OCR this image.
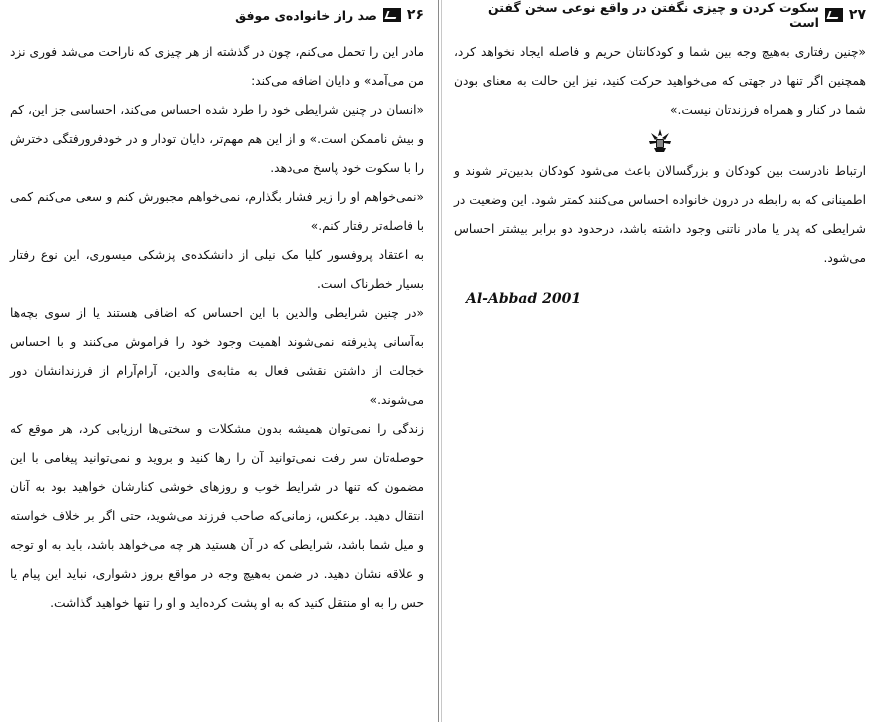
۲۷
سکوت کردن و چیزی نگفتن در واقع نوعی سخن گفتن است

«چنین رفتاری به‌هیچ وجه بین شما و کودکانتان حریم و فاصله ایجاد نخواهد کرد، همچنین اگر تنها در جهتی که می‌خواهید حرکت کنید، نیز این حالت به معنای بودن شما در کنار و همراه فرزندتان نیست.»

ارتباط نادرست بین کودکان و بزرگسالان باعث می‌شود کودکان بدبین‌تر شوند و اطمینانی که به رابطه در درون خانواده احساس می‌کنند کمتر شود. این وضعیت در شرایطی که پدر یا مادر ناتنی وجود داشته باشد، درحدود دو برابر بیشتر احساس می‌شود.

Al-Abbad 2001
۲۶
صد راز خانواده‌ی موفق

مادر این را تحمل می‌کنم، چون در گذشته از هر چیزی که ناراحت می‌شد فوری نزد من می‌آمد» و دایان اضافه می‌کند:

«انسان در چنین شرایطی خود را طرد شده احساس می‌کند، احساسی جز این، کم و بیش ناممکن است.» و از این هم مهم‌تر، دایان تودار و در خودفرورفتگی دخترش را با سکوت خود پاسخ می‌دهد.

«نمی‌خواهم او را زیر فشار بگذارم، نمی‌خواهم مجبورش کنم و سعی می‌کنم کمی با فاصله‌تر رفتار کنم.»

به اعتقاد پروفسور کلیا مک نیلی از دانشکده‌ی پزشکی میسوری، این نوع رفتار بسیار خطرناک است.

«در چنین شرایطی والدین با این احساس که اضافی هستند یا از سوی بچه‌ها به‌آسانی پذیرفته نمی‌شوند اهمیت وجود خود را فراموش می‌کنند و با احساس خجالت از داشتن نقشی فعال به مثابه‌ی والدین، آرام‌آرام از فرزندانشان دور می‌شوند.»

زندگی را نمی‌توان همیشه بدون مشکلات و سختی‌ها ارزیابی کرد، هر موقع که حوصله‌تان سر رفت نمی‌توانید آن را رها کنید و بروید و نمی‌توانید پیغامی با این مضمون که تنها در شرایط خوب و روزهای خوشی کنارشان خواهید بود به آنان انتقال دهید. برعکس، زمانی‌که صاحب فرزند می‌شوید، حتی اگر بر خلاف خواسته و میل شما باشد، شرایطی که در آن هستید هر چه می‌خواهد باشد، باید به او توجه و علاقه نشان دهید. در ضمن به‌هیچ وجه در مواقع بروز دشواری، نباید این پیام یا حس را به او منتقل کنید که به او پشت کرده‌اید و او را تنها خواهید گذاشت.
